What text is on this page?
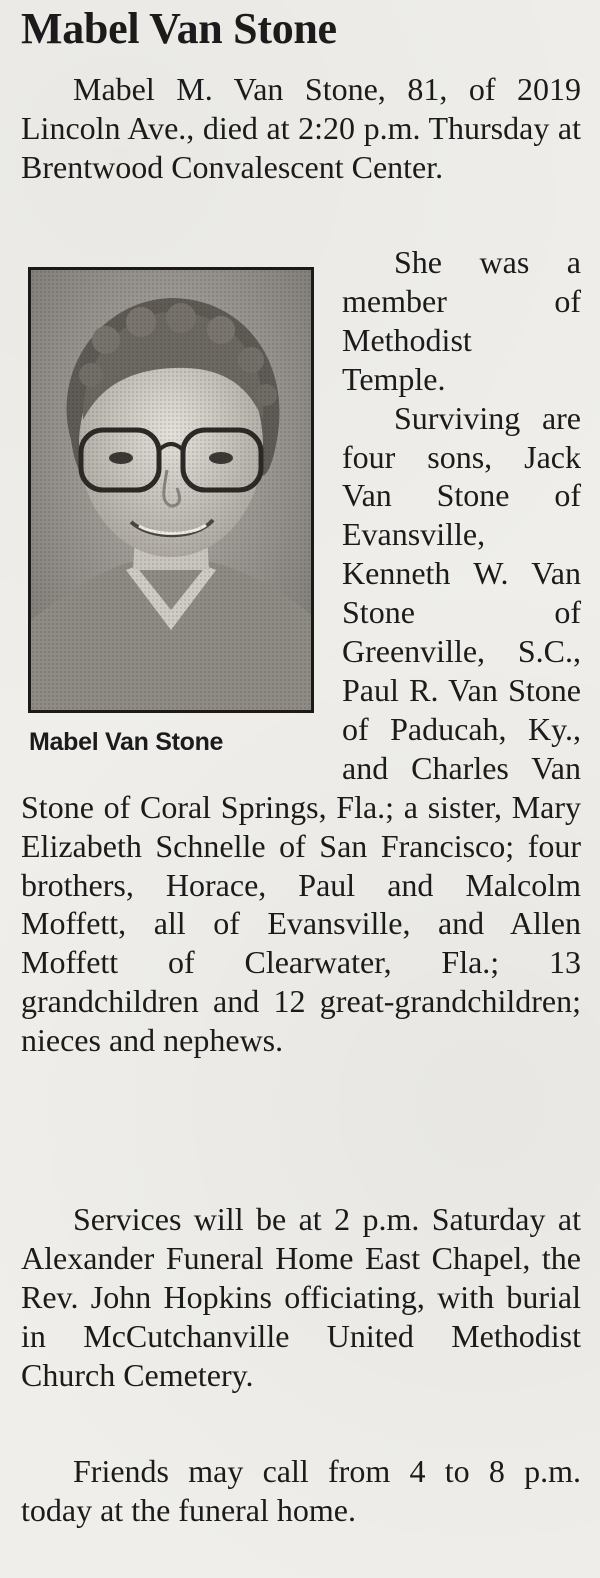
Mabel Van Stone

Mabel M. Van Stone, 81, of 2019 Lincoln Ave., died at 2:20 p.m. Thursday at Brentwood Convalescent Center.

Mabel Van Stone

She was a member of Methodist Temple.
Surviving are four sons, Jack Van Stone of Evansville, Kenneth W. Van Stone of Greenville, S.C., Paul R. Van Stone of Paducah, Ky., and Charles Van Stone of Coral Springs, Fla.; a sister, Mary Elizabeth Schnelle of San Francisco; four brothers, Horace, Paul and Malcolm Moffett, all of Evansville, and Allen Moffett of Clearwater, Fla.; 13 grandchildren and 12 great-grandchildren; nieces and nephews.

Services will be at 2 p.m. Saturday at Alexander Funeral Home East Chapel, the Rev. John Hopkins officiating, with burial in McCutchanville United Methodist Church Cemetery.

Friends may call from 4 to 8 p.m. today at the funeral home.
